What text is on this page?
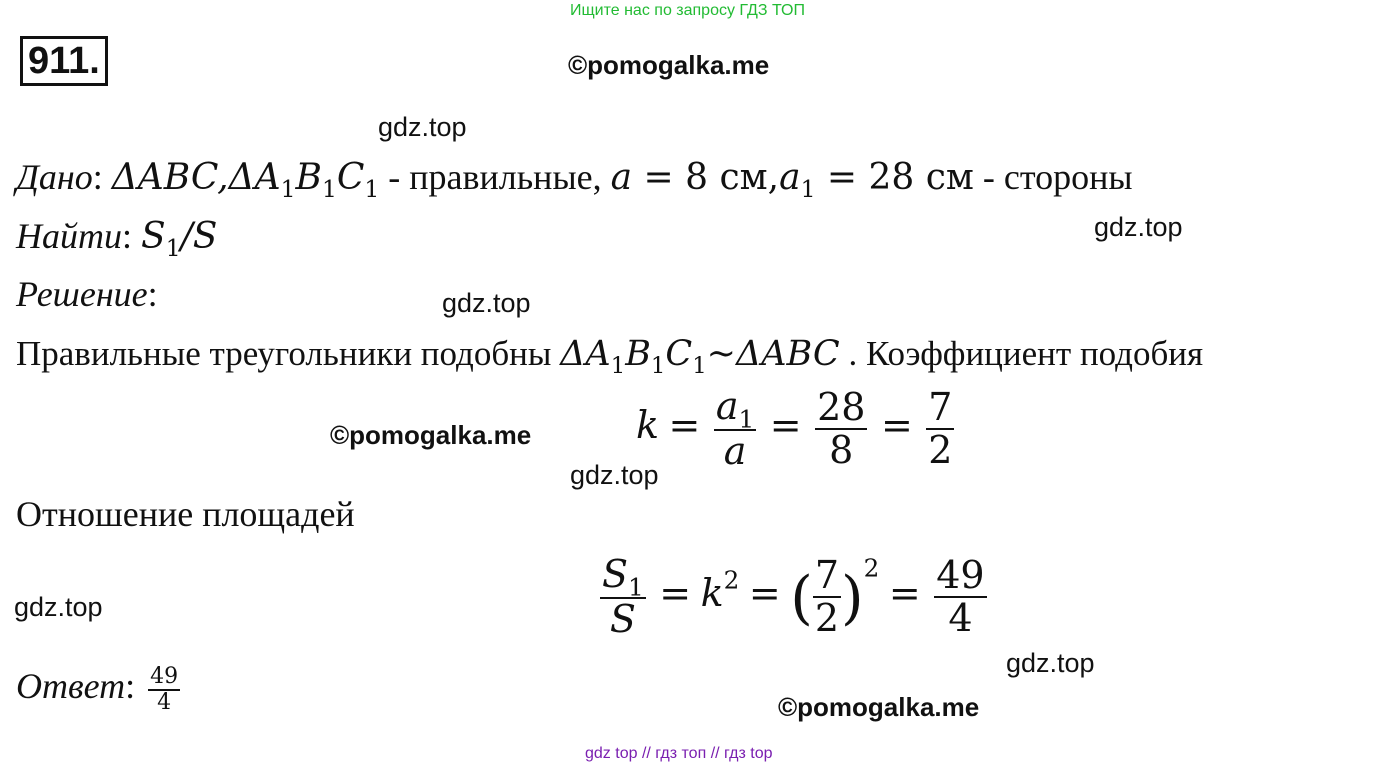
Ищите нас по запросу ГДЗ ТОП
911.	©pomogalka.me
gdz.top
gdz.top
gdz.top
©pomogalka.me
gdz.top
gdz.top
gdz.top
©pomogalka.me
Дано: $\Delta ABC,\Delta A_1B_1C_1$ - правильные, a = 8 $см,a_1 = 28$ см - стороны
Найти: $S_1/S$
Решение:
Правильные треугольники подобны $\Delta A_1B_1C_1\sim\Delta ABC$ . Коэффициент подобия
$k = \frac{a_1}{a} = \frac{28}{8} = \frac{7}{2}$
Отношение площадей
$\frac{S_1}{S} = k^2$ = ( $\frac{7}{2} )^2 = \frac{49}{4}$
Ответ: $\frac{49}{4}$
gdz top // гдз топ // гдз top
